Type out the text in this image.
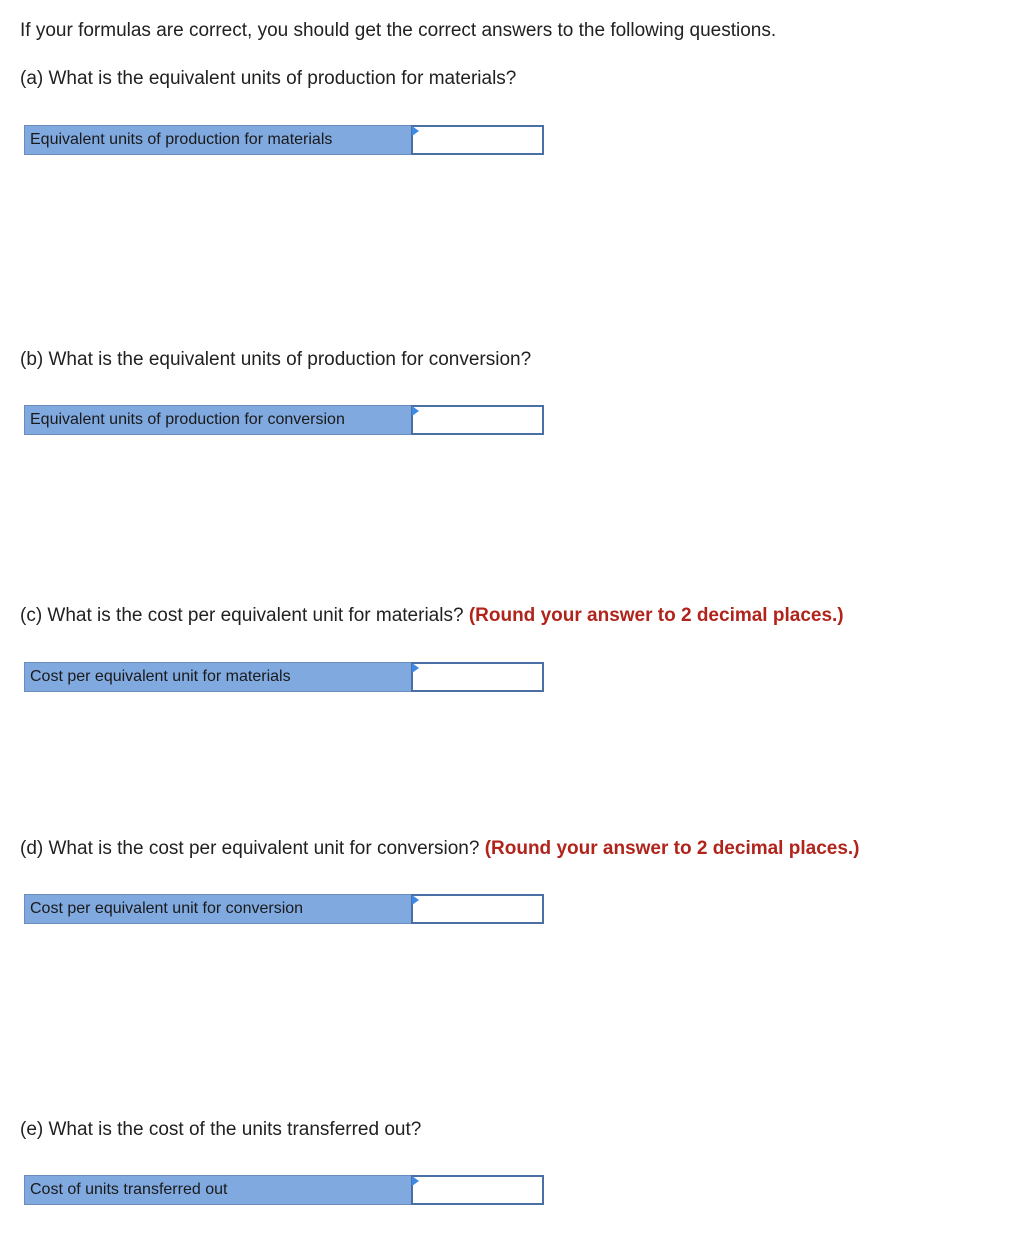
If your formulas are correct, you should get the correct answers to the following questions.

(a) What is the equivalent units of production for materials?

Equivalent units of production for materials

(b) What is the equivalent units of production for conversion?

Equivalent units of production for conversion

(c) What is the cost per equivalent unit for materials? (Round your answer to 2 decimal places.)

Cost per equivalent unit for materials

(d) What is the cost per equivalent unit for conversion? (Round your answer to 2 decimal places.)

Cost per equivalent unit for conversion

(e) What is the cost of the units transferred out?

Cost of units transferred out
